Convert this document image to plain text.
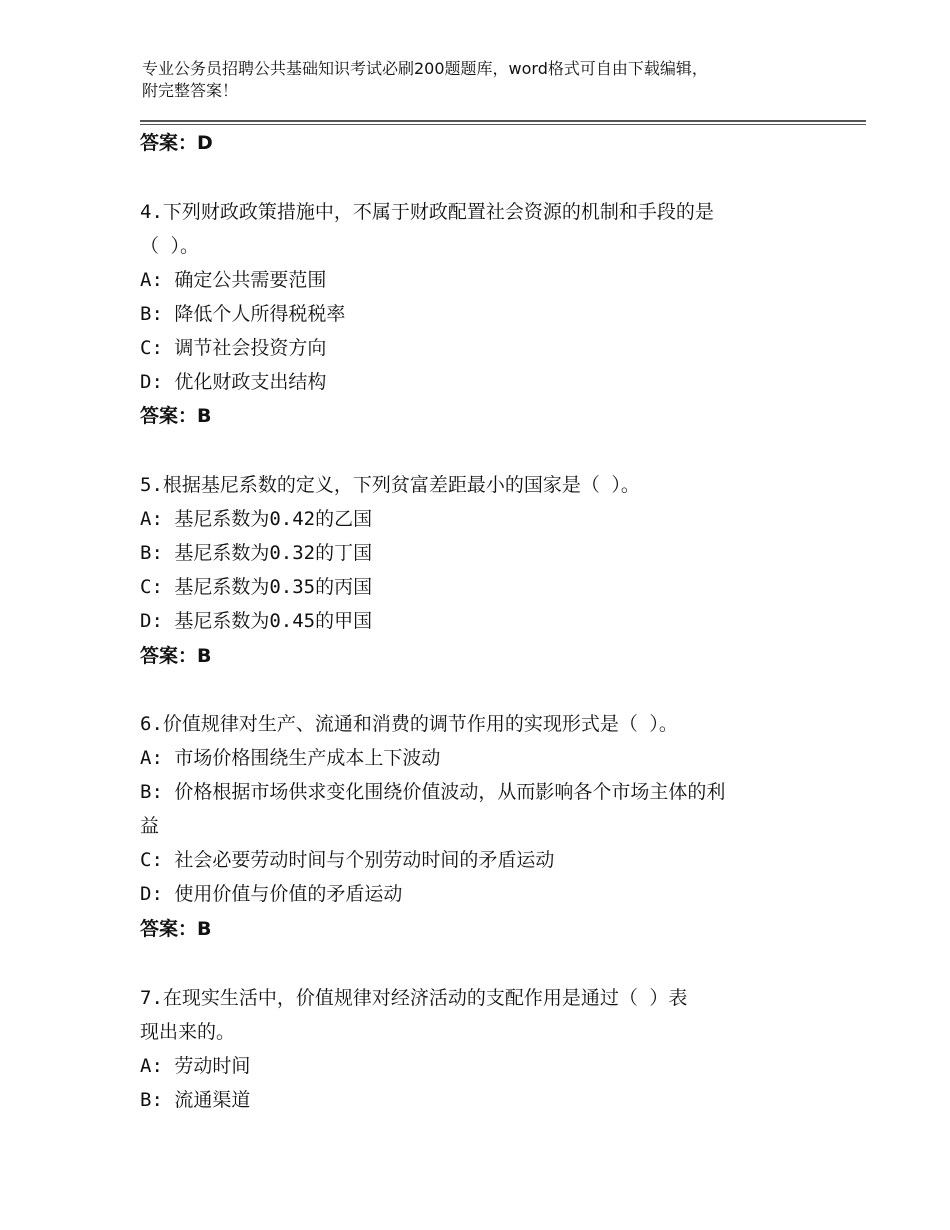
专业公务员招聘公共基础知识考试必刷200题题库，word格式可自由下载编辑，
附完整答案！
答案：D
4.下列财政政策措施中，不属于财政配置社会资源的机制和手段的是
（ ）。
A: 确定公共需要范围
B: 降低个人所得税税率
C: 调节社会投资方向
D: 优化财政支出结构
答案：B
5.根据基尼系数的定义，下列贫富差距最小的国家是（ ）。
A: 基尼系数为0.42的乙国
B: 基尼系数为0.32的丁国
C: 基尼系数为0.35的丙国
D: 基尼系数为0.45的甲国
答案：B
6.价值规律对生产、流通和消费的调节作用的实现形式是（ ）。
A: 市场价格围绕生产成本上下波动
B: 价格根据市场供求变化围绕价值波动，从而影响各个市场主体的利
益
C: 社会必要劳动时间与个别劳动时间的矛盾运动
D: 使用价值与价值的矛盾运动
答案：B
7.在现实生活中，价值规律对经济活动的支配作用是通过（ ）表
现出来的。
A: 劳动时间
B: 流通渠道
